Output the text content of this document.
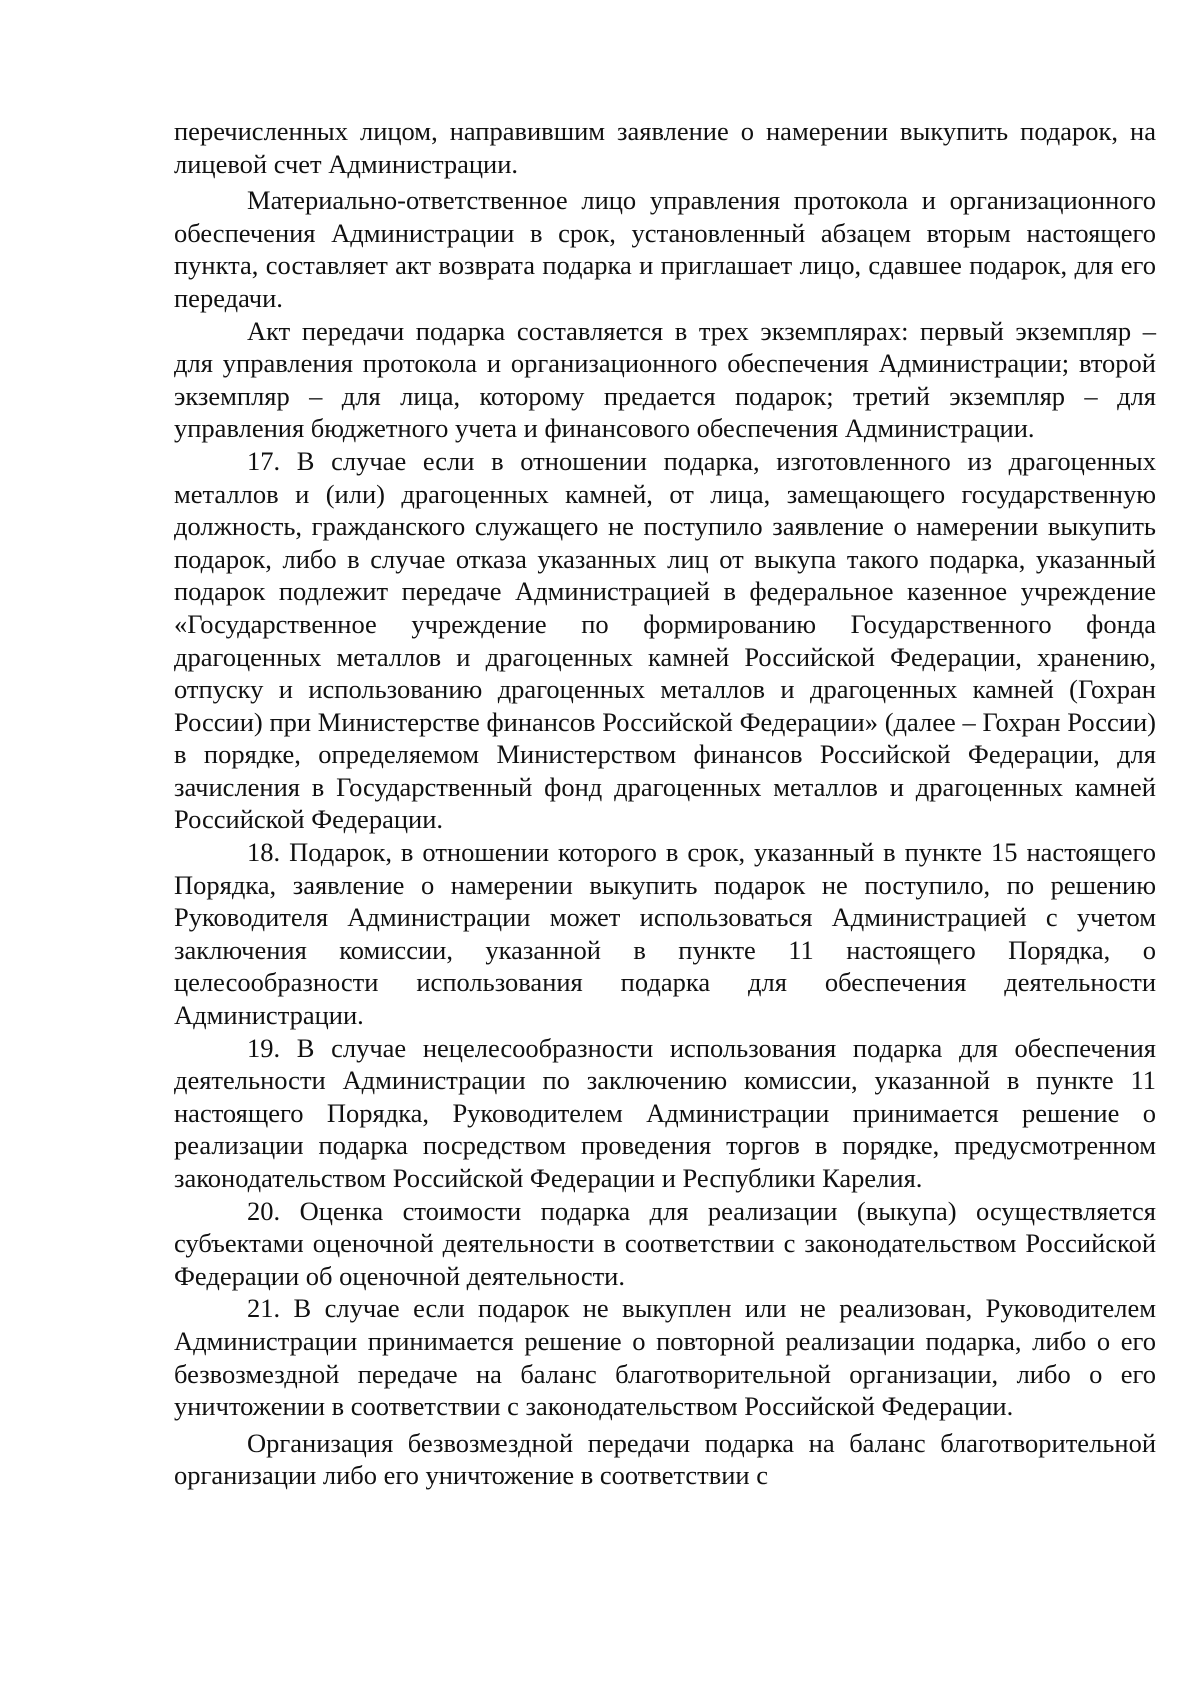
перечисленных лицом, направившим заявление о намерении выкупить подарок, на лицевой счет Администрации.

Материально-ответственное лицо управления протокола и организационного обеспечения Администрации в срок, установленный абзацем вторым настоящего пункта, составляет акт возврата подарка и приглашает лицо, сдавшее подарок, для его передачи.

Акт передачи подарка составляется в трех экземплярах: первый экземпляр – для управления протокола и организационного обеспечения Администрации; второй экземпляр – для лица, которому предается подарок; третий экземпляр – для управления бюджетного учета и финансового обеспечения Администрации.

17. В случае если в отношении подарка, изготовленного из драгоценных металлов и (или) драгоценных камней, от лица, замещающего государственную должность, гражданского служащего не поступило заявление о намерении выкупить подарок, либо в случае отказа указанных лиц от выкупа такого подарка, указанный подарок подлежит передаче Администрацией в федеральное казенное учреждение «Государственное учреждение по формированию Государственного фонда драгоценных металлов и драгоценных камней Российской Федерации, хранению, отпуску и использованию драгоценных металлов и драгоценных камней (Гохран России) при Министерстве финансов Российской Федерации» (далее – Гохран России) в порядке, определяемом Министерством финансов Российской Федерации, для зачисления в Государственный фонд драгоценных металлов и драгоценных камней Российской Федерации.

18. Подарок, в отношении которого в срок, указанный в пункте 15 настоящего Порядка, заявление о намерении выкупить подарок не поступило, по решению Руководителя Администрации может использоваться Администрацией с учетом заключения комиссии, указанной в пункте 11 настоящего Порядка, о целесообразности использования подарка для обеспечения деятельности Администрации.

19. В случае нецелесообразности использования подарка для обеспечения деятельности Администрации по заключению комиссии, указанной в пункте 11 настоящего Порядка, Руководителем Администрации принимается решение о реализации подарка посредством проведения торгов в порядке, предусмотренном законодательством Российской Федерации и Республики Карелия.

20. Оценка стоимости подарка для реализации (выкупа) осуществляется субъектами оценочной деятельности в соответствии с законодательством Российской Федерации об оценочной деятельности.

21. В случае если подарок не выкуплен или не реализован, Руководителем Администрации принимается решение о повторной реализации подарка, либо о его безвозмездной передаче на баланс благотворительной организации, либо о его уничтожении в соответствии с законодательством Российской Федерации.

Организация безвозмездной передачи подарка на баланс благотворительной организации либо его уничтожение в соответствии с
